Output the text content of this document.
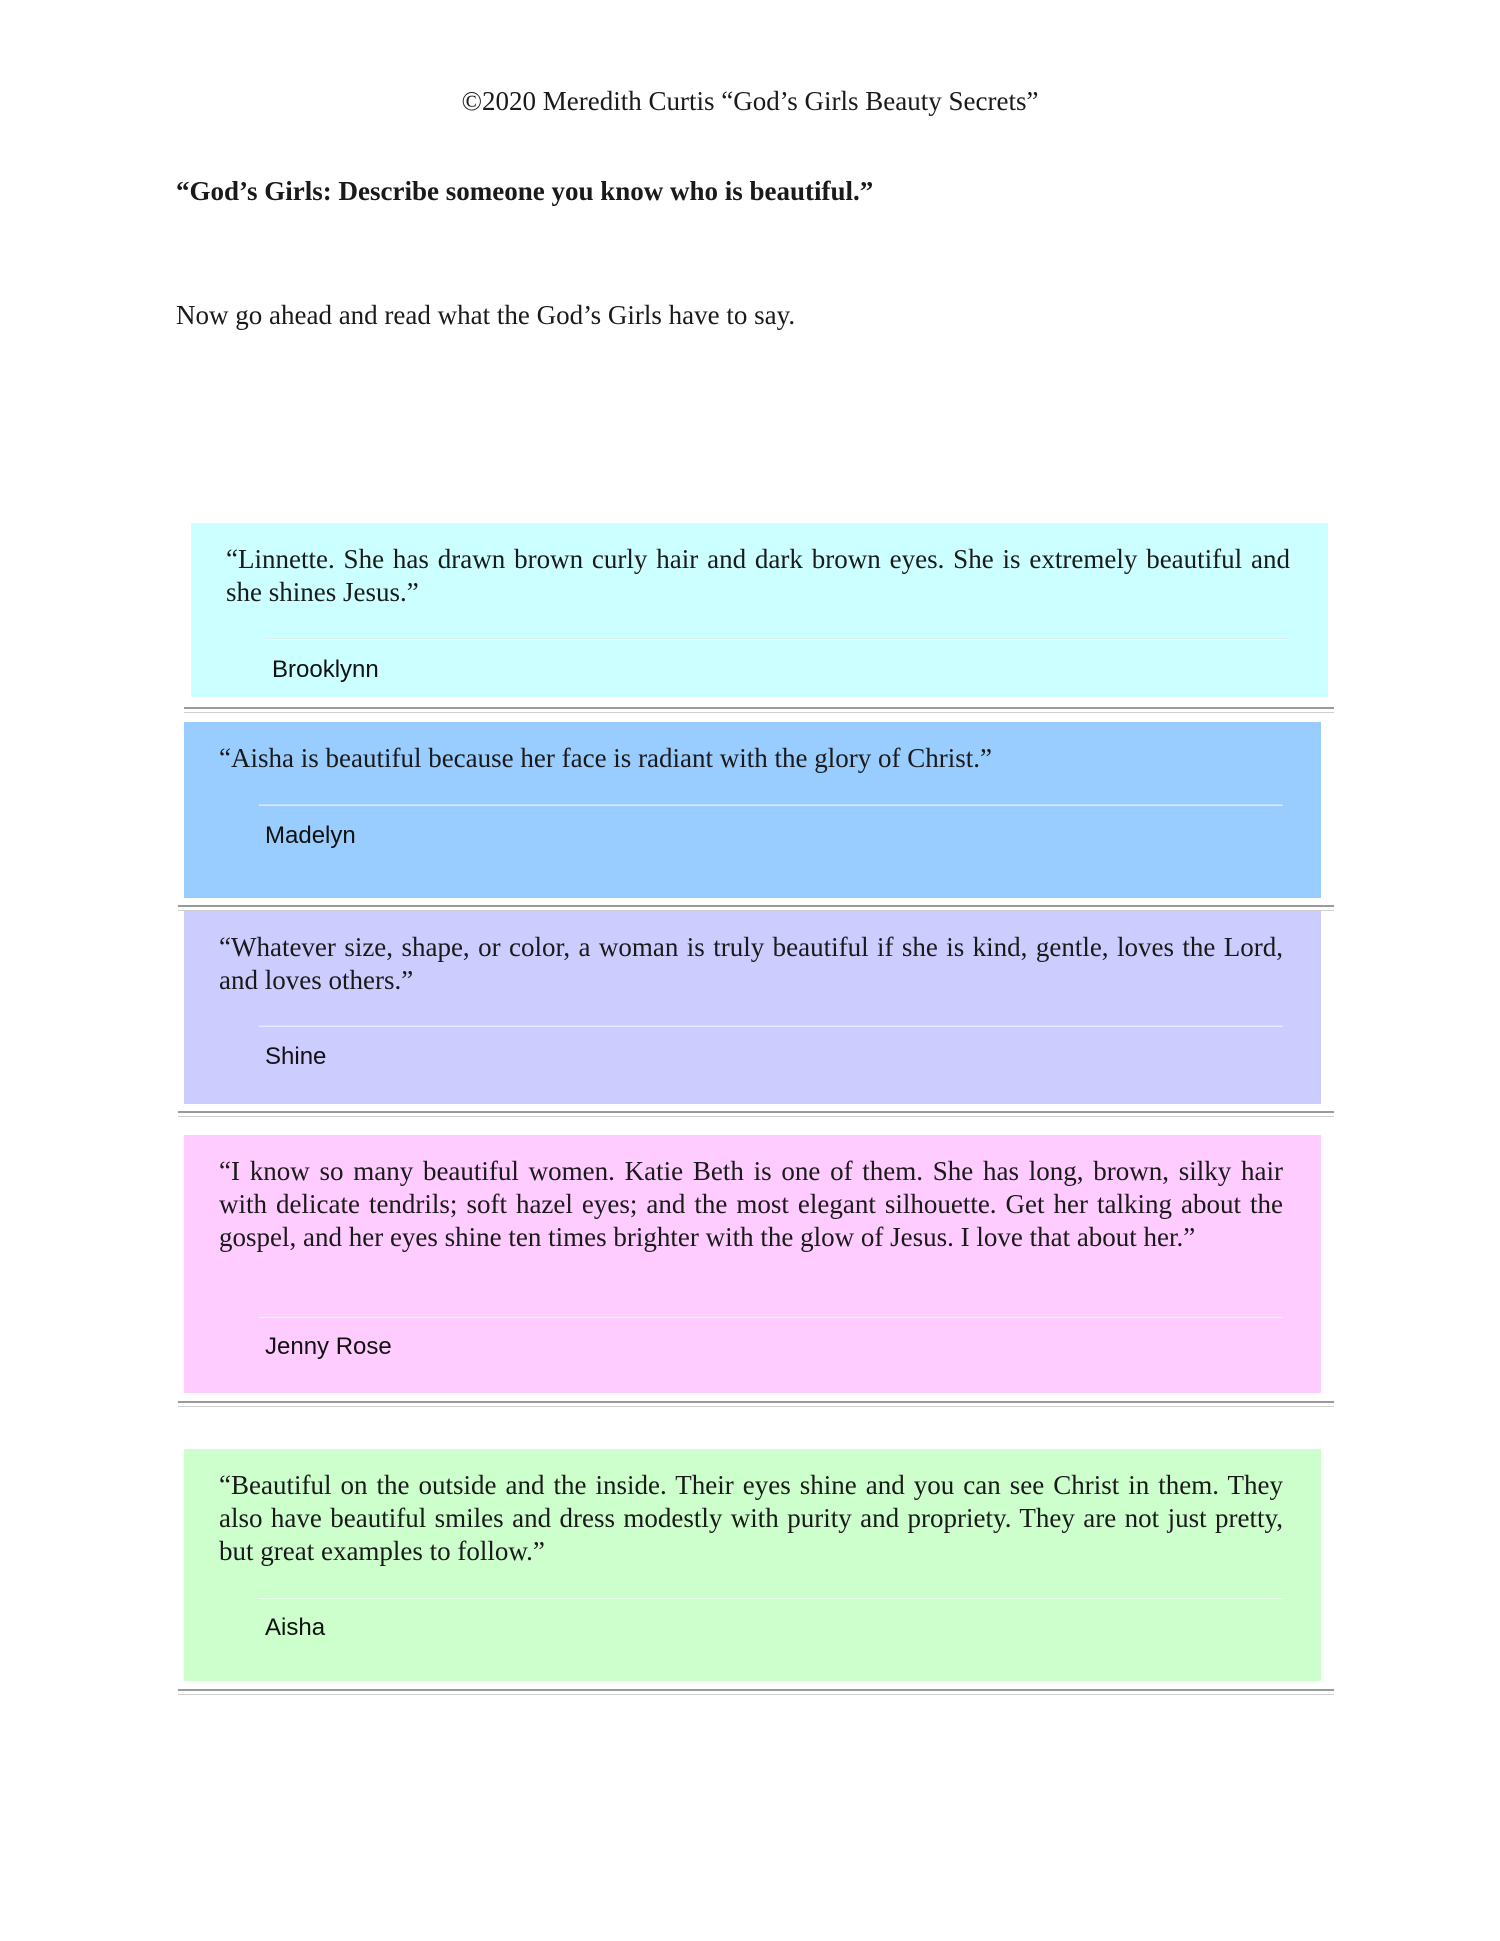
©2020 Meredith Curtis “God’s Girls Beauty Secrets”
“God’s Girls: Describe someone you know who is beautiful.”
Now go ahead and read what the God’s Girls have to say.
“Linnette. She has drawn brown curly hair and dark brown eyes. She is extremely beautiful and she shines Jesus.”
Brooklynn
“Aisha is beautiful because her face is radiant with the glory of Christ.”
Madelyn
“Whatever size, shape, or color, a woman is truly beautiful if she is kind, gentle, loves the Lord, and loves others.”
Shine
“I know so many beautiful women. Katie Beth is one of them. She has long, brown, silky hair with delicate tendrils; soft hazel eyes; and the most elegant silhouette. Get her talking about the gospel, and her eyes shine ten times brighter with the glow of Jesus. I love that about her.”
Jenny Rose
“Beautiful on the outside and the inside. Their eyes shine and you can see Christ in them. They also have beautiful smiles and dress modestly with purity and propriety. They are not just pretty, but great examples to follow.”
Aisha
